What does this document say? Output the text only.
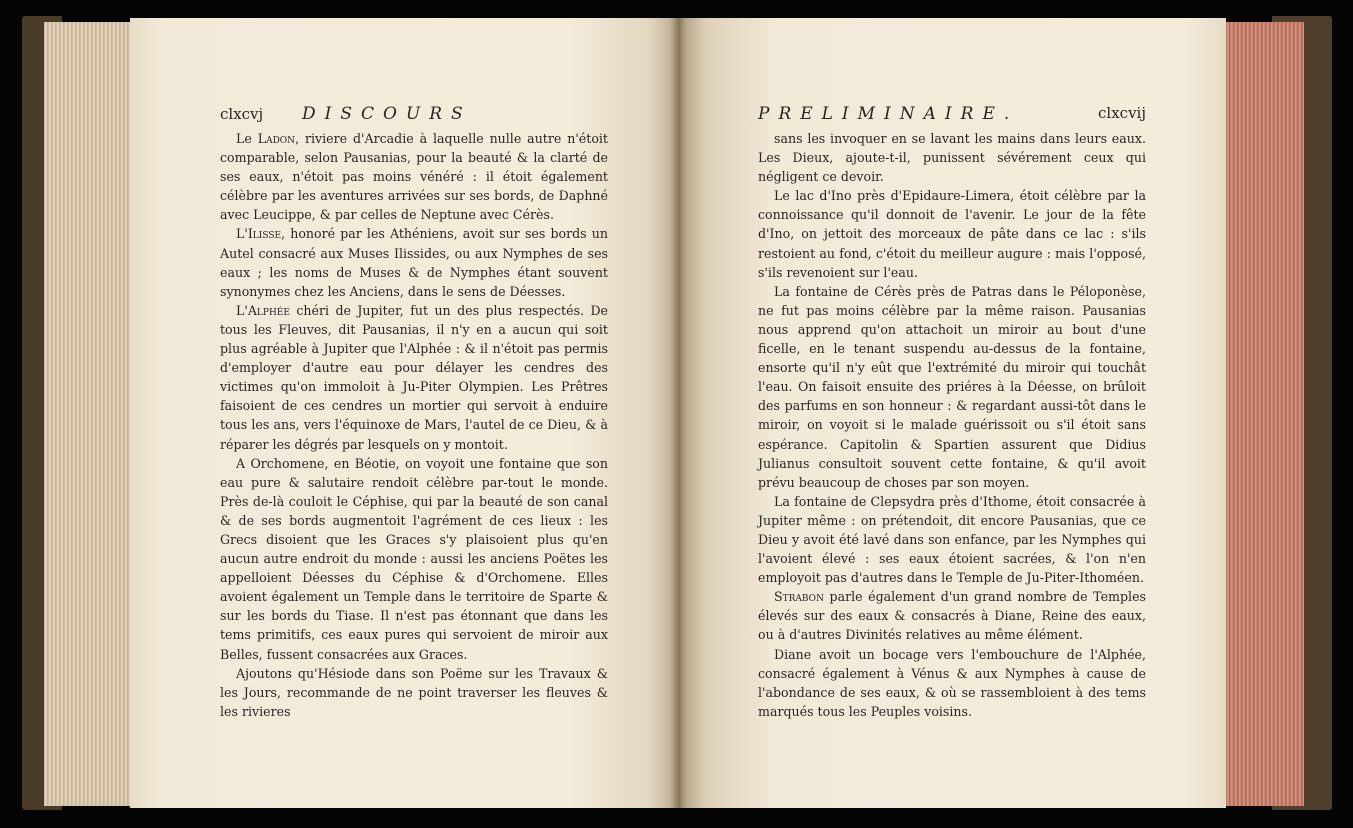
clxcvj DISCOURS

Le Ladon, riviere d'Arcadie à laquelle nulle autre n'étoit comparable, selon Pausanias, pour la beauté & la clarté de ses eaux, n'étoit pas moins vénéré : il étoit également célèbre par les aventures arrivées sur ses bords, de Daphné avec Leucippe, & par celles de Neptune avec Cérès.

L'Ilisse, honoré par les Athéniens, avoit sur ses bords un Autel consacré aux Muses Ilissides, ou aux Nymphes de ses eaux ; les noms de Muses & de Nymphes étant souvent synonymes chez les Anciens, dans le sens de Déesses.

L'Alphée chéri de Jupiter, fut un des plus respectés. De tous les Fleuves, dit Pausanias, il n'y en a aucun qui soit plus agréable à Jupiter que l'Alphée : & il n'étoit pas permis d'employer d'autre eau pour délayer les cendres des victimes qu'on immoloit à Ju-Piter Olympien. Les Prêtres faisoient de ces cendres un mortier qui servoit à enduire tous les ans, vers l'équinoxe de Mars, l'autel de ce Dieu, & à réparer les dégrés par lesquels on y montoit.

A Orchomene, en Béotie, on voyoit une fontaine que son eau pure & salutaire rendoit célèbre par-tout le monde. Près de-là couloit le Céphise, qui par la beauté de son canal & de ses bords augmentoit l'agrément de ces lieux : les Grecs disoient que les Graces s'y plaisoient plus qu'en aucun autre endroit du monde : aussi les anciens Poëtes les appelloient Déesses du Céphise & d'Orchomene. Elles avoient également un Temple dans le territoire de Sparte & sur les bords du Tiase. Il n'est pas étonnant que dans les tems primitifs, ces eaux pures qui servoient de miroir aux Belles, fussent consacrées aux Graces.

Ajoutons qu'Hésiode dans son Poëme sur les Travaux & les Jours, recommande de ne point traverser les fleuves & les rivieres

PRELIMINAIRE.	clxcvij

sans les invoquer en se lavant les mains dans leurs eaux. Les Dieux, ajoute-t-il, punissent sévérement ceux qui négligent ce devoir.

Le lac d'Ino près d'Epidaure-Limera, étoit célèbre par la connoissance qu'il donnoit de l'avenir. Le jour de la fête d'Ino, on jettoit des morceaux de pâte dans ce lac : s'ils restoient au fond, c'étoit du meilleur augure : mais l'opposé, s'ils revenoient sur l'eau.

La fontaine de Cérès près de Patras dans le Péloponèse, ne fut pas moins célèbre par la même raison. Pausanias nous apprend qu'on attachoit un miroir au bout d'une ficelle, en le tenant suspendu au-dessus de la fontaine, ensorte qu'il n'y eût que l'extrémité du miroir qui touchât l'eau. On faisoit ensuite des priéres à la Déesse, on brûloit des parfums en son honneur : & regardant aussi-tôt dans le miroir, on voyoit si le malade guérissoit ou s'il étoit sans espérance. Capitolin & Spartien assurent que Didius Julianus consultoit souvent cette fontaine, & qu'il avoit prévu beaucoup de choses par son moyen.

La fontaine de Clepsydra près d'Ithome, étoit consacrée à Jupiter même : on prétendoit, dit encore Pausanias, que ce Dieu y avoit été lavé dans son enfance, par les Nymphes qui l'avoient élevé : ses eaux étoient sacrées, & l'on n'en employoit pas d'autres dans le Temple de Ju-Piter-Ithoméen.

Strabon parle également d'un grand nombre de Temples élevés sur des eaux & consacrés à Diane, Reine des eaux, ou à d'autres Divinités relatives au même élément.

Diane avoit un bocage vers l'embouchure de l'Alphée, consacré également à Vénus & aux Nymphes à cause de l'abondance de ses eaux, & où se rassembloient à des tems marqués tous les Peuples voisins.
